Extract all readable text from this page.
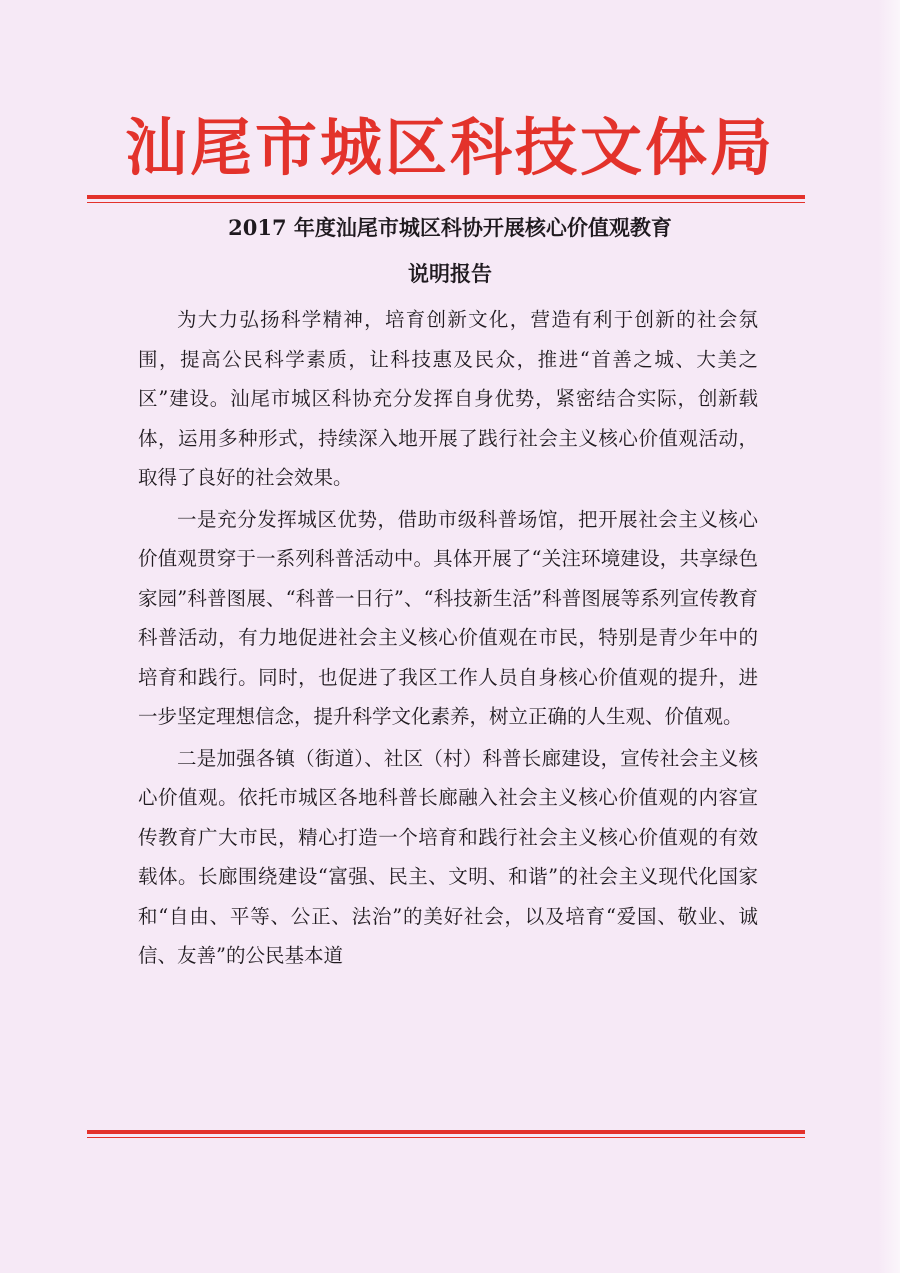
汕尾市城区科技文体局
2017 年度汕尾市城区科协开展核心价值观教育
说明报告

为大力弘扬科学精神，培育创新文化，营造有利于创新的社会氛围，提高公民科学素质，让科技惠及民众，推进“首善之城、大美之区”建设。汕尾市城区科协充分发挥自身优势，紧密结合实际，创新载体，运用多种形式，持续深入地开展了践行社会主义核心价值观活动，取得了良好的社会效果。

一是充分发挥城区优势，借助市级科普场馆，把开展社会主义核心价值观贯穿于一系列科普活动中。具体开展了“关注环境建设，共享绿色家园”科普图展、“科普一日行”、“科技新生活”科普图展等系列宣传教育科普活动，有力地促进社会主义核心价值观在市民，特别是青少年中的培育和践行。同时，也促进了我区工作人员自身核心价值观的提升，进一步坚定理想信念，提升科学文化素养，树立正确的人生观、价值观。

二是加强各镇（街道）、社区（村）科普长廊建设，宣传社会主义核心价值观。依托市城区各地科普长廊融入社会主义核心价值观的内容宣传教育广大市民，精心打造一个培育和践行社会主义核心价值观的有效载体。长廊围绕建设“富强、民主、文明、和谐”的社会主义现代化国家和“自由、平等、公正、法治”的美好社会，以及培育“爱国、敬业、诚信、友善”的公民基本道
